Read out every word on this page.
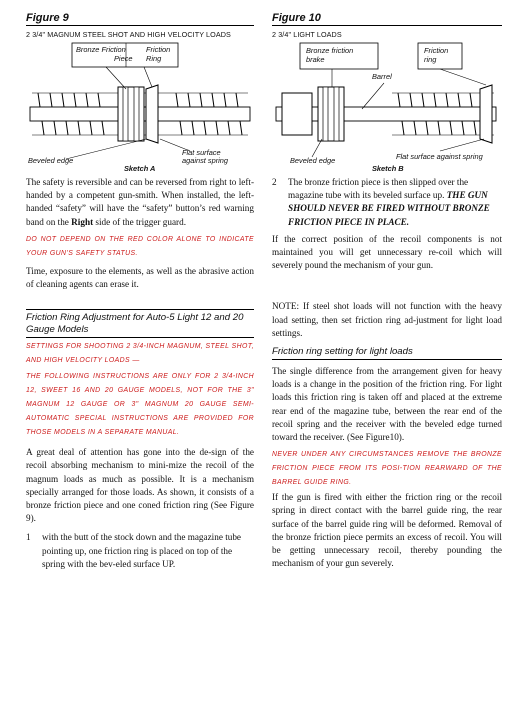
Figure 9
2 3/4" MAGNUM STEEL SHOT AND HIGH VELOCITY LOADS
Bronze Friction
Piece
Friction
Ring
Beveled edge
Flat surface
against spring
Sketch A

The safety is reversible and can be reversed from right to left-handed by a competent gun-smith. When installed, the left-handed “safety” will have the “safety” button’s red warning band on the Right side of the trigger guard.

DO NOT DEPEND ON THE RED COLOR ALONE TO INDICATE YOUR GUN’S SAFETY STATUS.

Time, exposure to the elements, as well as the abrasive action of cleaning agents can erase it.

Friction Ring Adjustment for Auto-5 Light 12 and 20 Gauge Models
SETTINGS FOR SHOOTING 2 3/4-INCH MAGNUM, STEEL SHOT, AND HIGH VELOCITY LOADS —
THE FOLLOWING INSTRUCTIONS ARE ONLY FOR 2 3/4-INCH 12, SWEET 16 AND 20 GAUGE MODELS, NOT FOR THE 3" MAGNUM 12 GAUGE OR 3" MAGNUM 20 GAUGE SEMI-AUTOMATIC SPECIAL INSTRUCTIONS ARE PROVIDED FOR THOSE MODELS IN A SEPARATE MANUAL.

A great deal of attention has gone into the de-sign of the recoil absorbing mechanism to mini-mize the recoil of the magnum loads as much as possible. It is a mechanism specially arranged for those loads. As shown, it consists of a bronze friction piece and one coned friction ring (See Figure 9).

1	with the butt of the stock down and the magazine tube pointing up, one friction ring is placed on top of the spring with the bev-eled surface UP.

Figure 10
2 3/4" LIGHT LOADS
Bronze friction
brake
Friction
ring
Barrel
Beveled edge	Flat surface against spring
Sketch B
2	The bronze friction piece is then slipped over the magazine tube with its beveled surface up. THE GUN SHOULD NEVER BE FIRED WITHOUT BRONZE FRICTION PIECE IN PLACE.

If the correct position of the recoil components is not maintained you will get unnecessary re-coil which will severely pound the mechanism of your gun.

NOTE: If steel shot loads will not function with the heavy load setting, then set friction ring ad-justment for light load settings.

Friction ring setting for light loads

The single difference from the arrangement given for heavy loads is a change in the position of the friction ring. For light loads this friction ring is taken off and placed at the extreme rear end of the magazine tube, between the rear end of the recoil spring and the receiver with the beveled edge turned toward the receiver. (See Figure10).

NEVER UNDER ANY CIRCUMSTANCES REMOVE THE BRONZE FRICTION PIECE FROM ITS POSI-TION REARWARD OF THE BARREL GUIDE RING.

If the gun is fired with either the friction ring or the recoil spring in direct contact with the barrel guide ring, the rear surface of the barrel guide ring will be deformed. Removal of the bronze friction piece permits an excess of recoil. You will be getting unnecessary recoil, thereby pounding the mechanism of your gun severely.
